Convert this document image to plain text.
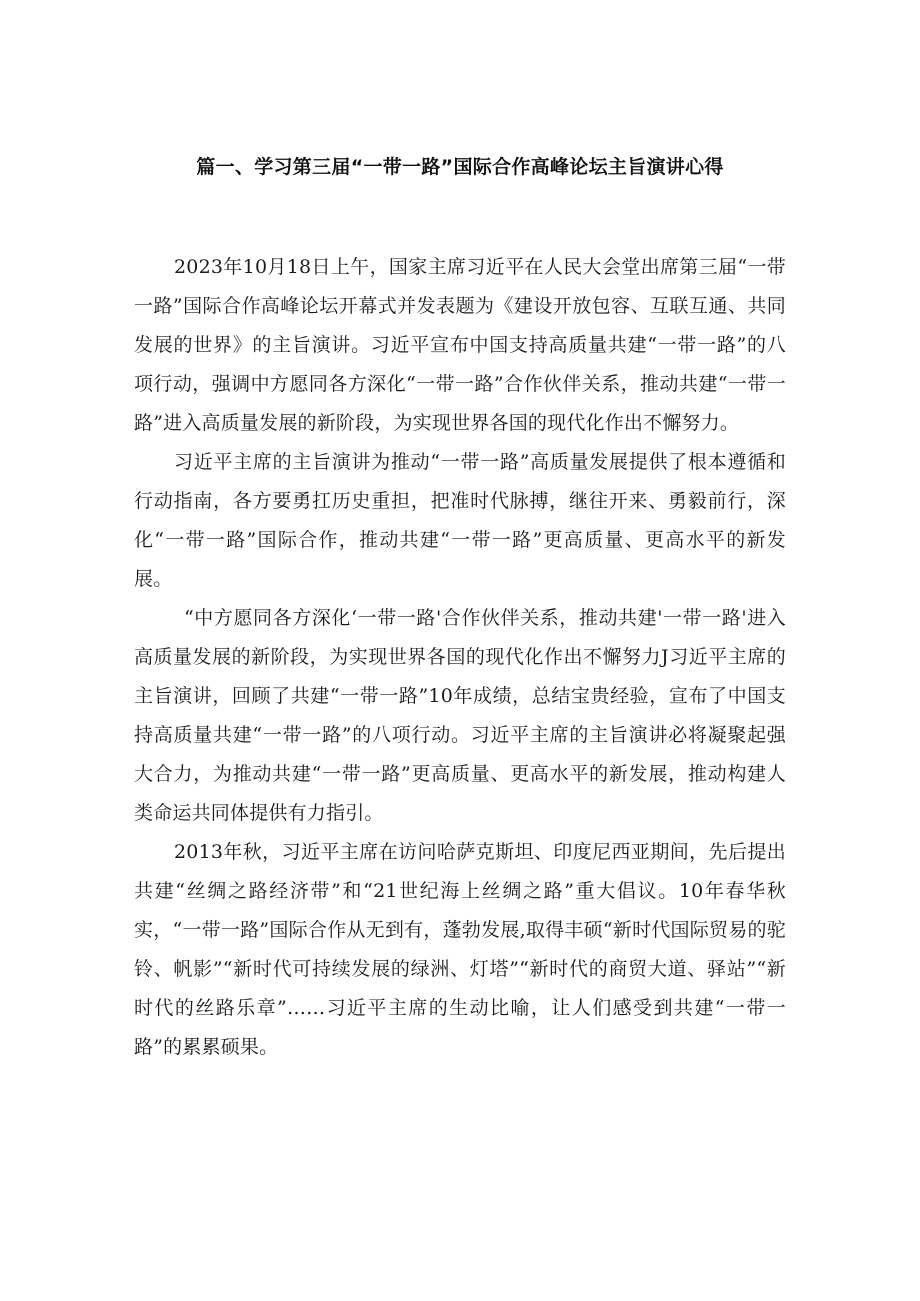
篇一、学习第三届“一带一路”国际合作高峰论坛主旨演讲心得

2023年10月18日上午，国家主席习近平在人民大会堂出席第三届“一带一路”国际合作高峰论坛开幕式并发表题为《建设开放包容、互联互通、共同发展的世界》的主旨演讲。习近平宣布中国支持高质量共建“一带一路”的八项行动，强调中方愿同各方深化“一带一路”合作伙伴关系，推动共建“一带一路”进入高质量发展的新阶段，为实现世界各国的现代化作出不懈努力。

习近平主席的主旨演讲为推动“一带一路”高质量发展提供了根本遵循和行动指南，各方要勇扛历史重担，把准时代脉搏，继往开来、勇毅前行，深化“一带一路”国际合作，推动共建“一带一路”更高质量、更高水平的新发展。

“中方愿同各方深化‘一带一路'合作伙伴关系，推动共建'一带一路'进入高质量发展的新阶段，为实现世界各国的现代化作出不懈努力J习近平主席的主旨演讲，回顾了共建“一带一路”10年成绩，总结宝贵经验，宣布了中国支持高质量共建“一带一路”的八项行动。习近平主席的主旨演讲必将凝聚起强大合力，为推动共建“一带一路”更高质量、更高水平的新发展，推动构建人类命运共同体提供有力指引。

2013年秋，习近平主席在访问哈萨克斯坦、印度尼西亚期间，先后提出共建“丝绸之路经济带”和“21世纪海上丝绸之路”重大倡议。10年春华秋实，“一带一路”国际合作从无到有，蓬勃发展,取得丰硕“新时代国际贸易的驼铃、帆影”“新时代可持续发展的绿洲、灯塔”“新时代的商贸大道、驿站”“新时代的丝路乐章”……习近平主席的生动比喻，让人们感受到共建“一带一路”的累累硕果。
